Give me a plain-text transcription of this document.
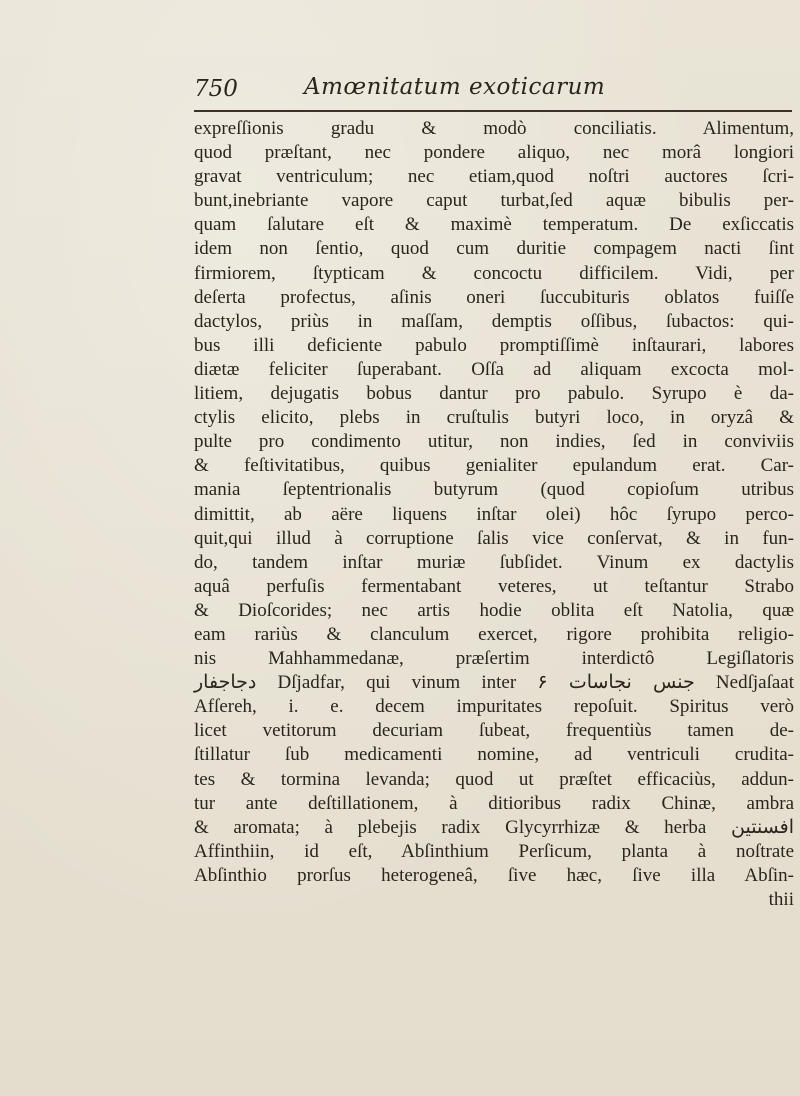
750	Amœnitatum exoticarum
expreſſionis gradu & modò conciliatis. Alimentum,
quod præſtant, nec pondere aliquo, nec morâ longiori
gravat ventriculum; nec etiam,quod noſtri auctores ſcri-
bunt,inebriante vapore caput turbat,ſed aquæ bibulis per-
quam ſalutare eſt & maximè temperatum. De exſiccatis
idem non ſentio, quod cum duritie compagem nacti ſint
firmiorem, ſtypticam & concoctu difficilem. Vidi, per
deſerta profectus, aſinis oneri ſuccubituris oblatos fuiſſe
dactylos, priùs in maſſam, demptis oſſibus, ſubactos: qui-
bus illi deficiente pabulo promptiſſimè inſtaurari, labores
diætæ feliciter ſuperabant. Oſſa ad aliquam excocta mol-
litiem, dejugatis bobus dantur pro pabulo. Syrupo è da-
ctylis elicito, plebs in cruſtulis butyri loco, in oryzâ &
pulte pro condimento utitur, non indies, ſed in conviviis
& feſtivitatibus, quibus genialiter epulandum erat. Car-
mania ſeptentrionalis butyrum (quod copioſum utribus
dimittit, ab aëre liquens inſtar olei) hôc ſyrupo perco-
quit,qui illud à corruptione ſalis vice conſervat, & in fun-
do, tandem inſtar muriæ ſubſidet. Vinum ex dactylis
aquâ perfuſis fermentabant veteres, ut teſtantur Strabo
& Dioſcorides; nec artis hodie oblita eſt Natolia, quæ
eam rariùs & clanculum exercet, rigore prohibita religio-
nis Mahhammedanæ, præſertim interdictô Legiſlatoris
دجاجفار Dſjadfar, qui vinum inter ۶ جنس نجاسات Nedſjaſaat
Afſereh, i. e. decem impuritates repoſuit. Spiritus verò
licet vetitorum decuriam ſubeat, frequentiùs tamen de-
ſtillatur ſub medicamenti nomine, ad ventriculi crudita-
tes & tormina levanda; quod ut præſtet efficaciùs, addun-
tur ante deſtillationem, à ditioribus radix Chinæ, ambra
& aromata; à plebejis radix Glycyrrhizæ & herba افسنتين
Affinthiin, id eſt, Abſinthium Perſicum, planta à noſtrate
Abſinthio prorſus heterogeneâ, ſive hæc, ſive illa Abſin-
thii
